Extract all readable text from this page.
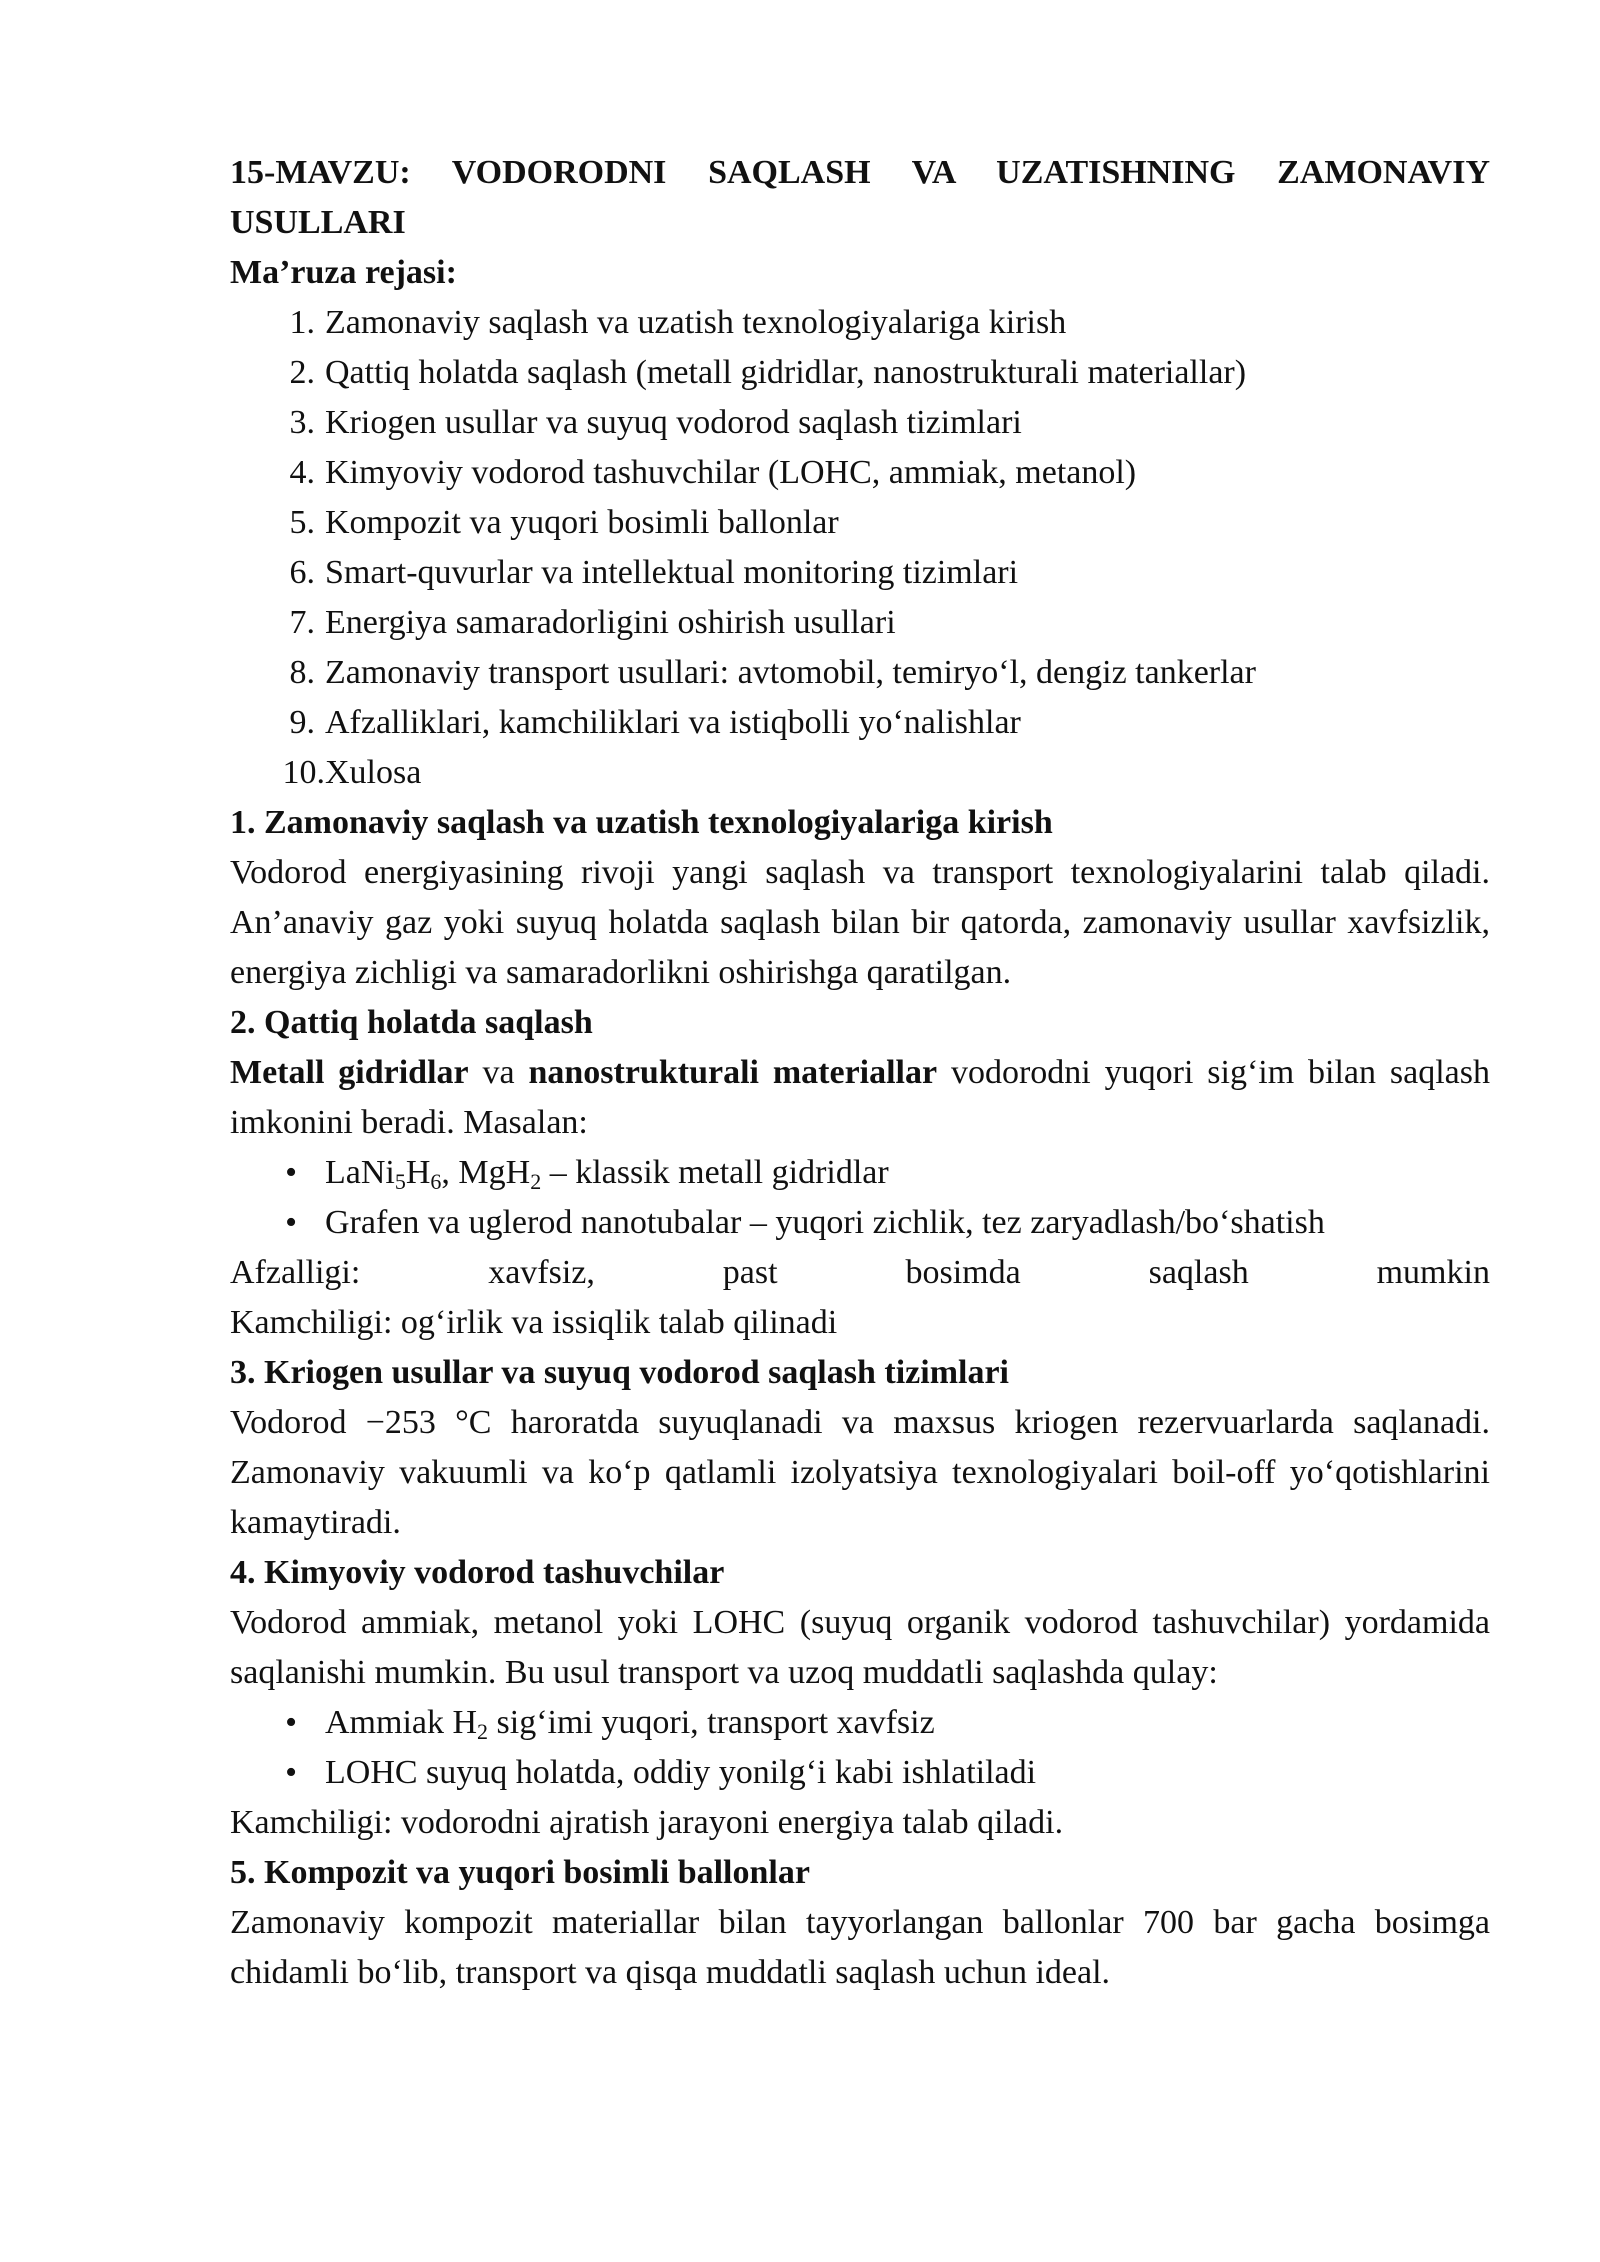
15-MAVZU: VODORODNI SAQLASH VA UZATISHNING ZAMONAVIY USULLARI
Ma’ruza rejasi:
1. Zamonaviy saqlash va uzatish texnologiyalariga kirish
2. Qattiq holatda saqlash (metall gidridlar, nanostrukturali materiallar)
3. Kriogen usullar va suyuq vodorod saqlash tizimlari
4. Kimyoviy vodorod tashuvchilar (LOHC, ammiak, metanol)
5. Kompozit va yuqori bosimli ballonlar
6. Smart-quvurlar va intellektual monitoring tizimlari
7. Energiya samaradorligini oshirish usullari
8. Zamonaviy transport usullari: avtomobil, temiryo‘l, dengiz tankerlar
9. Afzalliklari, kamchiliklari va istiqbolli yo‘nalishlar
10. Xulosa
1. Zamonaviy saqlash va uzatish texnologiyalariga kirish

Vodorod energiyasining rivoji yangi saqlash va transport texnologiyalarini talab qiladi. An’anaviy gaz yoki suyuq holatda saqlash bilan bir qatorda, zamonaviy usullar xavfsizlik, energiya zichligi va samaradorlikni oshirishga qaratilgan.

2. Qattiq holatda saqlash

Metall gidridlar va nanostrukturali materiallar vodorodni yuqori sig‘im bilan saqlash imkonini beradi. Masalan:

• $LaNi_5H_6$, MgH$_2$ – klassik metall gidridlar
• Grafen va uglerod nanotubalar – yuqori zichlik, tez zaryadlash/bo‘shatish
Afzalligi:	xavfsiz,	past	bosimda	saqlash	mumkin
Kamchiligi: og‘irlik va issiqlik talab qilinadi
3. Kriogen usullar va suyuq vodorod saqlash tizimlari

Vodorod −253 °C haroratda suyuqlanadi va maxsus kriogen rezervuarlarda saqlanadi. Zamonaviy vakuumli va ko‘p qatlamli izolyatsiya texnologiyalari boil-off yo‘qotishlarini kamaytiradi.

4. Kimyoviy vodorod tashuvchilar

Vodorod ammiak, metanol yoki LOHC (suyuq organik vodorod tashuvchilar) yordamida saqlanishi mumkin. Bu usul transport va uzoq muddatli saqlashda qulay:

• Ammiak $H_2$ sig‘imi yuqori, transport xavfsiz
• LOHC suyuq holatda, oddiy yonilg‘i kabi ishlatiladi
Kamchiligi: vodorodni ajratish jarayoni energiya talab qiladi.
5. Kompozit va yuqori bosimli ballonlar

Zamonaviy kompozit materiallar bilan tayyorlangan ballonlar 700 bar gacha bosimga chidamli bo‘lib, transport va qisqa muddatli saqlash uchun ideal.
